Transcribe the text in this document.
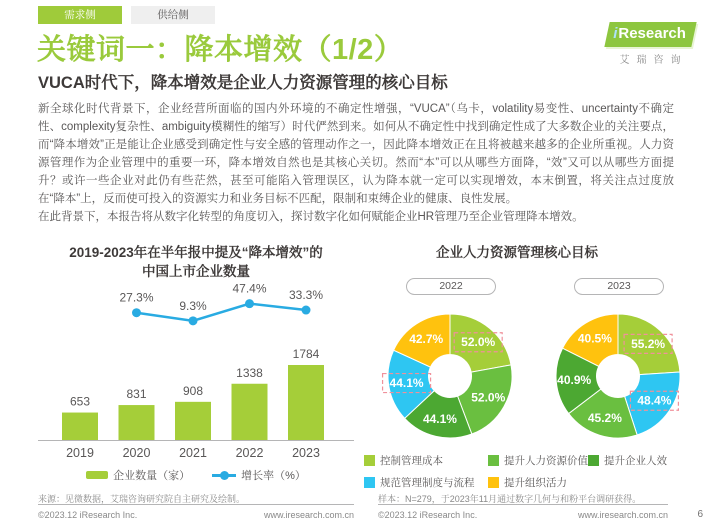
需求侧	供给侧
iResearch
艾瑞咨询
关键词一：降本增效（1/2）
VUCA时代下，降本增效是企业人力资源管理的核心目标

新全球化时代背景下，企业经营所面临的国内外环境的不确定性增强，“VUCA”（乌卡，volatility易变性、uncertainty不确定性、complexity复杂性、ambiguity模糊性的缩写）时代俨然到来。如何从不确定性中找到确定性成了大多数企业的关注要点，而“降本增效”正是能让企业感受到确定性与安全感的管理动作之一，因此降本增效正在且将被越来越多的企业所重视。人力资源管理作为企业管理中的重要一环，降本增效自然也是其核心关切。然而“本”可以从哪些方面降，“效”又可以从哪些方面提升？或许一些企业对此仍有些茫然，甚至可能陷入管理误区，认为降本就一定可以实现增效，本末倒置，将关注点过度放在“降本”上，反而使可投入的资源实力和业务目标不匹配，限制和束缚企业的健康、良性发展。

在此背景下，本报告将从数字化转型的角度切入，探讨数字化如何赋能企业HR管理乃至企业管理降本增效。

2019-2023年在半年报中提及“降本增效”的
中国上市企业数量
653
2019
831
2020
908
2021
1338
2022
1784
2023
27.3%
9.3%
47.4% 33.3%
企业数量（家）	增长率（%）
企业人力资源管理核心目标
2022	2023
52.0%
52.0%
44.1%
44.1%
42.7%	55.2%
48.4%
45.2%
40.9%
40.5%
控制管理成本	提升人力资源价值 提升企业人效
规范管理制度与流程	提升组织活力
来源：见微数据，艾瑞咨询研究院自主研究及绘制。	样本：N=279，于2023年11月通过数字几何与和粉平台调研获得。
©2023.12 iResearch Inc.	www.iresearch.com.cn	©2023.12 iResearch Inc.	www.iresearch.com.cn	6
